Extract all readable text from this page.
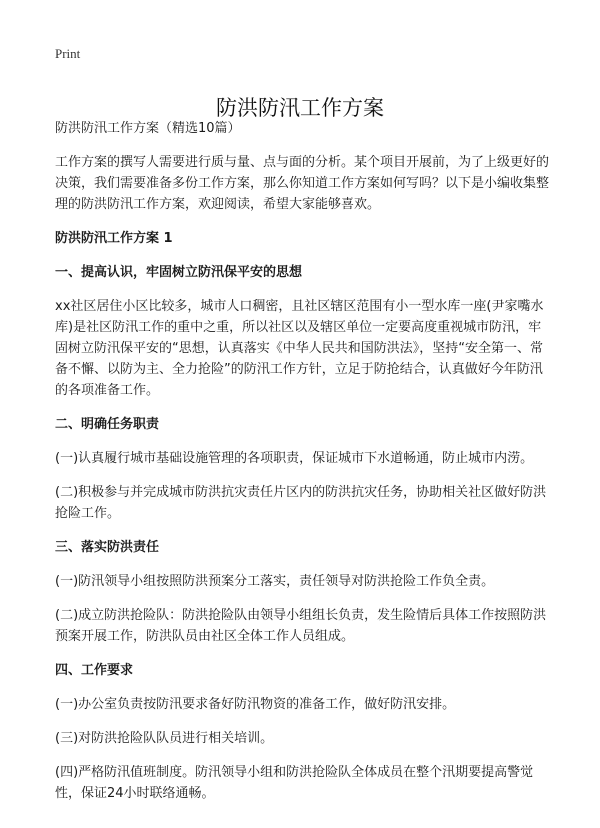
Print
防洪防汛工作方案

防洪防汛工作方案（精选10篇）

工作方案的撰写人需要进行质与量、点与面的分析。某个项目开展前，为了上级更好的决策，我们需要准备多份工作方案，那么你知道工作方案如何写吗？以下是小编收集整理的防洪防汛工作方案，欢迎阅读，希望大家能够喜欢。

防洪防汛工作方案 1
一、提高认识，牢固树立防汛保平安的思想

xx社区居住小区比较多，城市人口稠密，且社区辖区范围有小一型水库一座(尹家嘴水库)是社区防汛工作的重中之重，所以社区以及辖区单位一定要高度重视城市防汛，牢固树立防汛保平安的“思想，认真落实《中华人民共和国防洪法》，坚持“安全第一、常备不懈、以防为主、全力抢险”的防汛工作方针，立足于防抢结合，认真做好今年防汛的各项准备工作。

二、明确任务职责

(一)认真履行城市基础设施管理的各项职责，保证城市下水道畅通，防止城市内涝。

(二)积极参与并完成城市防洪抗灾责任片区内的防洪抗灾任务，协助相关社区做好防洪抢险工作。

三、落实防洪责任

(一)防汛领导小组按照防洪预案分工落实，责任领导对防洪抢险工作负全责。

(二)成立防洪抢险队：防洪抢险队由领导小组组长负责，发生险情后具体工作按照防洪预案开展工作，防洪队员由社区全体工作人员组成。

四、工作要求

(一)办公室负责按防汛要求备好防汛物资的准备工作，做好防汛安排。

(三)对防洪抢险队队员进行相关培训。

(四)严格防汛值班制度。防汛领导小组和防洪抢险队全体成员在整个汛期要提高警觉性，保证24小时联络通畅。
